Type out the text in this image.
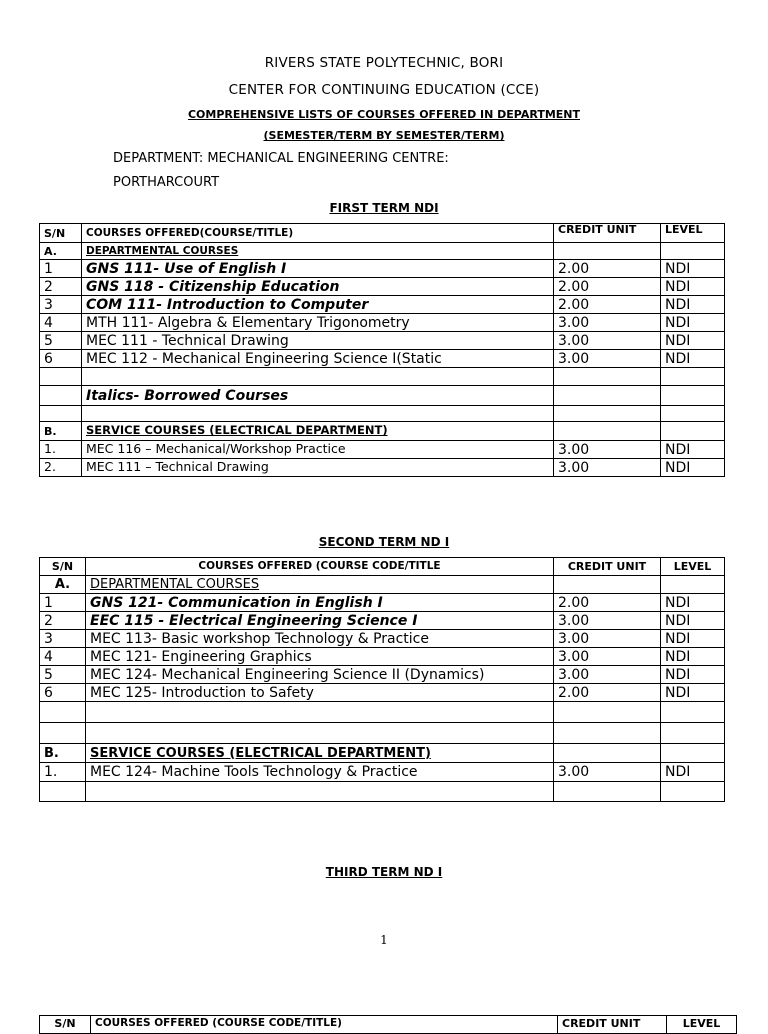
RIVERS STATE POLYTECHNIC, BORI
CENTER FOR CONTINUING EDUCATION (CCE)
COMPREHENSIVE LISTS OF COURSES OFFERED IN DEPARTMENT
(SEMESTER/TERM BY SEMESTER/TERM)
DEPARTMENT: MECHANICAL ENGINEERING CENTRE:
PORTHARCOURT
FIRST TERM NDI
S/N	COURSES OFFERED(COURSE/TITLE)	CREDIT UNIT	LEVEL
A.	DEPARTMENTAL COURSES		
1	GNS 111- Use of English I	2.00	NDI
2	GNS 118 - Citizenship Education	2.00	NDI
3	COM 111- Introduction to Computer	2.00	NDI
4	MTH 111- Algebra & Elementary Trigonometry	3.00	NDI
5	MEC 111 - Technical Drawing	3.00	NDI
6	MEC 112 - Mechanical Engineering Science I(Static	3.00	NDI

	Italics- Borrowed Courses		

B.	SERVICE COURSES (ELECTRICAL DEPARTMENT)		
1.	MEC 116 – Mechanical/Workshop Practice	3.00	NDI
2.	MEC 111 – Technical Drawing	3.00	NDI
SECOND TERM ND I
S/N	COURSES OFFERED (COURSE CODE/TITLE	CREDIT UNIT	LEVEL
A.	DEPARTMENTAL COURSES		
1	GNS 121- Communication in English I	2.00	NDI
2	EEC 115 - Electrical Engineering Science I	3.00	NDI
3	MEC 113- Basic workshop Technology & Practice	3.00	NDI
4	MEC 121- Engineering Graphics	3.00	NDI
5	MEC 124- Mechanical Engineering Science II (Dynamics)	3.00	NDI
6	MEC 125- Introduction to Safety	2.00	NDI

B.	SERVICE COURSES (ELECTRICAL DEPARTMENT)		
1.	MEC 124- Machine Tools Technology & Practice	3.00	NDI

THIRD TERM ND I
1
S/N	COURSES OFFERED (COURSE CODE/TITLE)	CREDIT UNIT	LEVEL
